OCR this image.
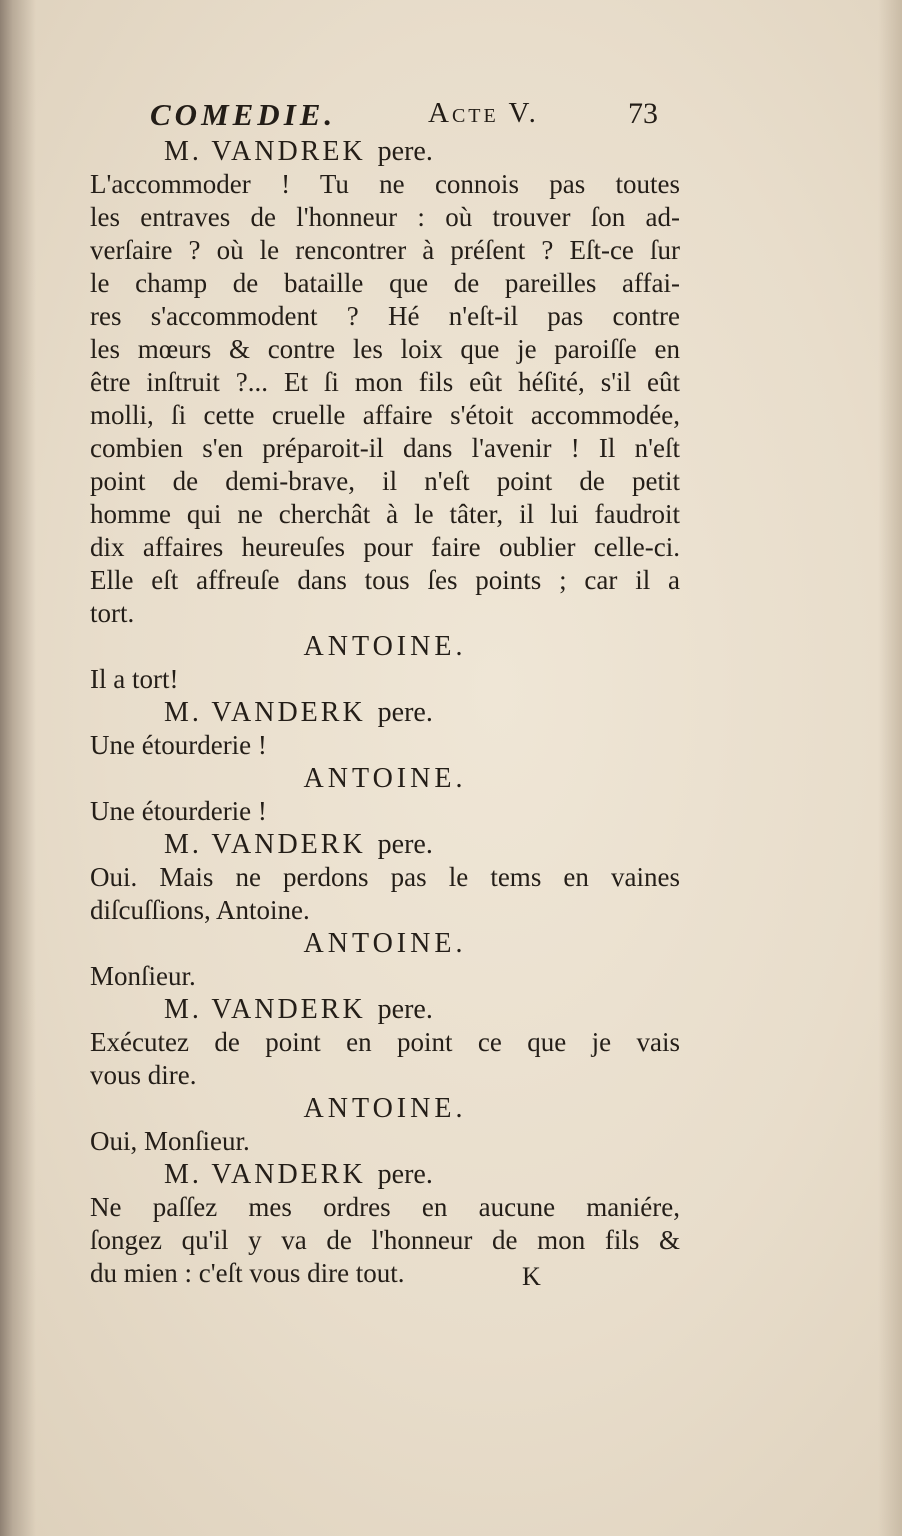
COMEDIE.	Acte V.	73
M. VANDREK pere.
L'accommoder ! Tu ne connois pas toutes
les entraves de l'honneur : où trouver ſon ad-
verſaire ? où le rencontrer à préſent ? Eſt-ce ſur
le champ de bataille que de pareilles affai-
res s'accommodent ? Hé n'eſt-il pas contre
les mœurs & contre les loix que je paroiſſe en
être inſtruit ?... Et ſi mon fils eût héſité, s'il eût
molli, ſi cette cruelle affaire s'étoit accommodée,
combien s'en préparoit-il dans l'avenir ! Il n'eſt
point de demi-brave, il n'eſt point de petit
homme qui ne cherchât à le tâter, il lui faudroit
dix affaires heureuſes pour faire oublier celle-ci.
Elle eſt affreuſe dans tous ſes points ; car il a
tort.
ANTOINE.
Il a tort!
M. VANDERK pere.
Une étourderie !
ANTOINE.
Une étourderie !
M. VANDERK pere.
Oui. Mais ne perdons pas le tems en vaines
diſcuſſions, Antoine.
ANTOINE.
Monſieur.
M. VANDERK pere.
Exécutez de point en point ce que je vais
vous dire.
ANTOINE.
Oui, Monſieur.
M. VANDERK pere.
Ne paſſez mes ordres en aucune maniére,
ſongez qu'il y va de l'honneur de mon fils &
du mien : c'eſt vous dire tout.	K
